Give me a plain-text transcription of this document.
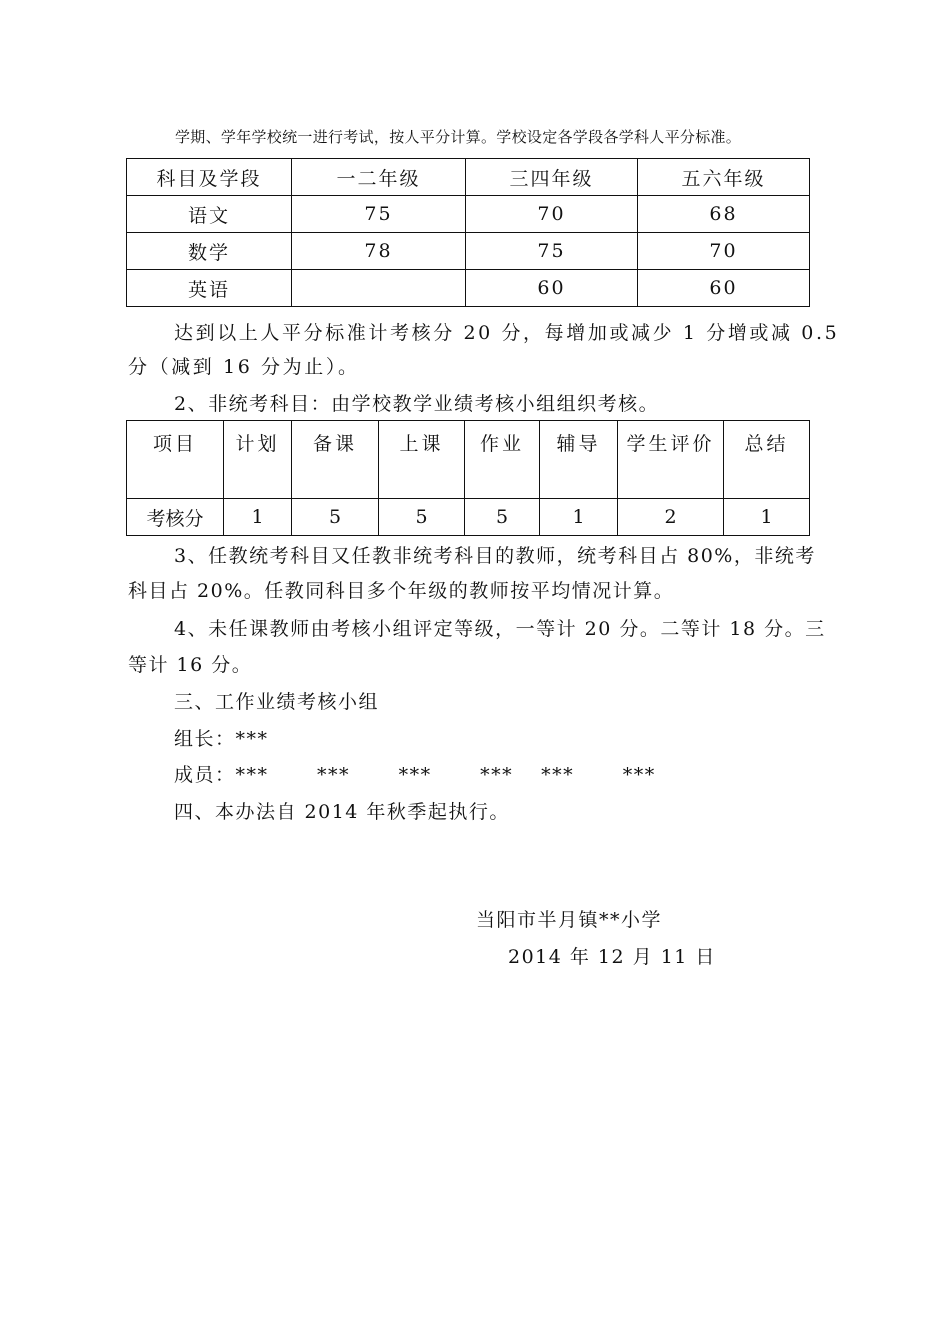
学期、学年学校统一进行考试，按人平分计算。学校设定各学段各学科人平分标准。
科目及学段	一二年级	三四年级	五六年级
语文	75	70	68
数学	78	75	70
英语		60	60
达到以上人平分标准计考核分 20 分，每增加或减少 1 分增或减 0.5
分（减到 16 分为止）。
2、非统考科目：由学校教学业绩考核小组组织考核。
项目	计划	备课	上课	作业	辅导	学生评价	总结
考核分	1	5	5	5	1	2	1
3、任教统考科目又任教非统考科目的教师，统考科目占 80%，非统考
科目占 20%。任教同科目多个年级的教师按平均情况计算。
4、未任课教师由考核小组评定等级，一等计 20 分。二等计 18 分。三
等计 16 分。
三、工作业绩考核小组
组长：***
成员：***　　 ***　　 ***　　 ***　 ***　　 ***
四、本办法自 2014 年秋季起执行。
当阳市半月镇**小学
2014 年 12 月 11 日
